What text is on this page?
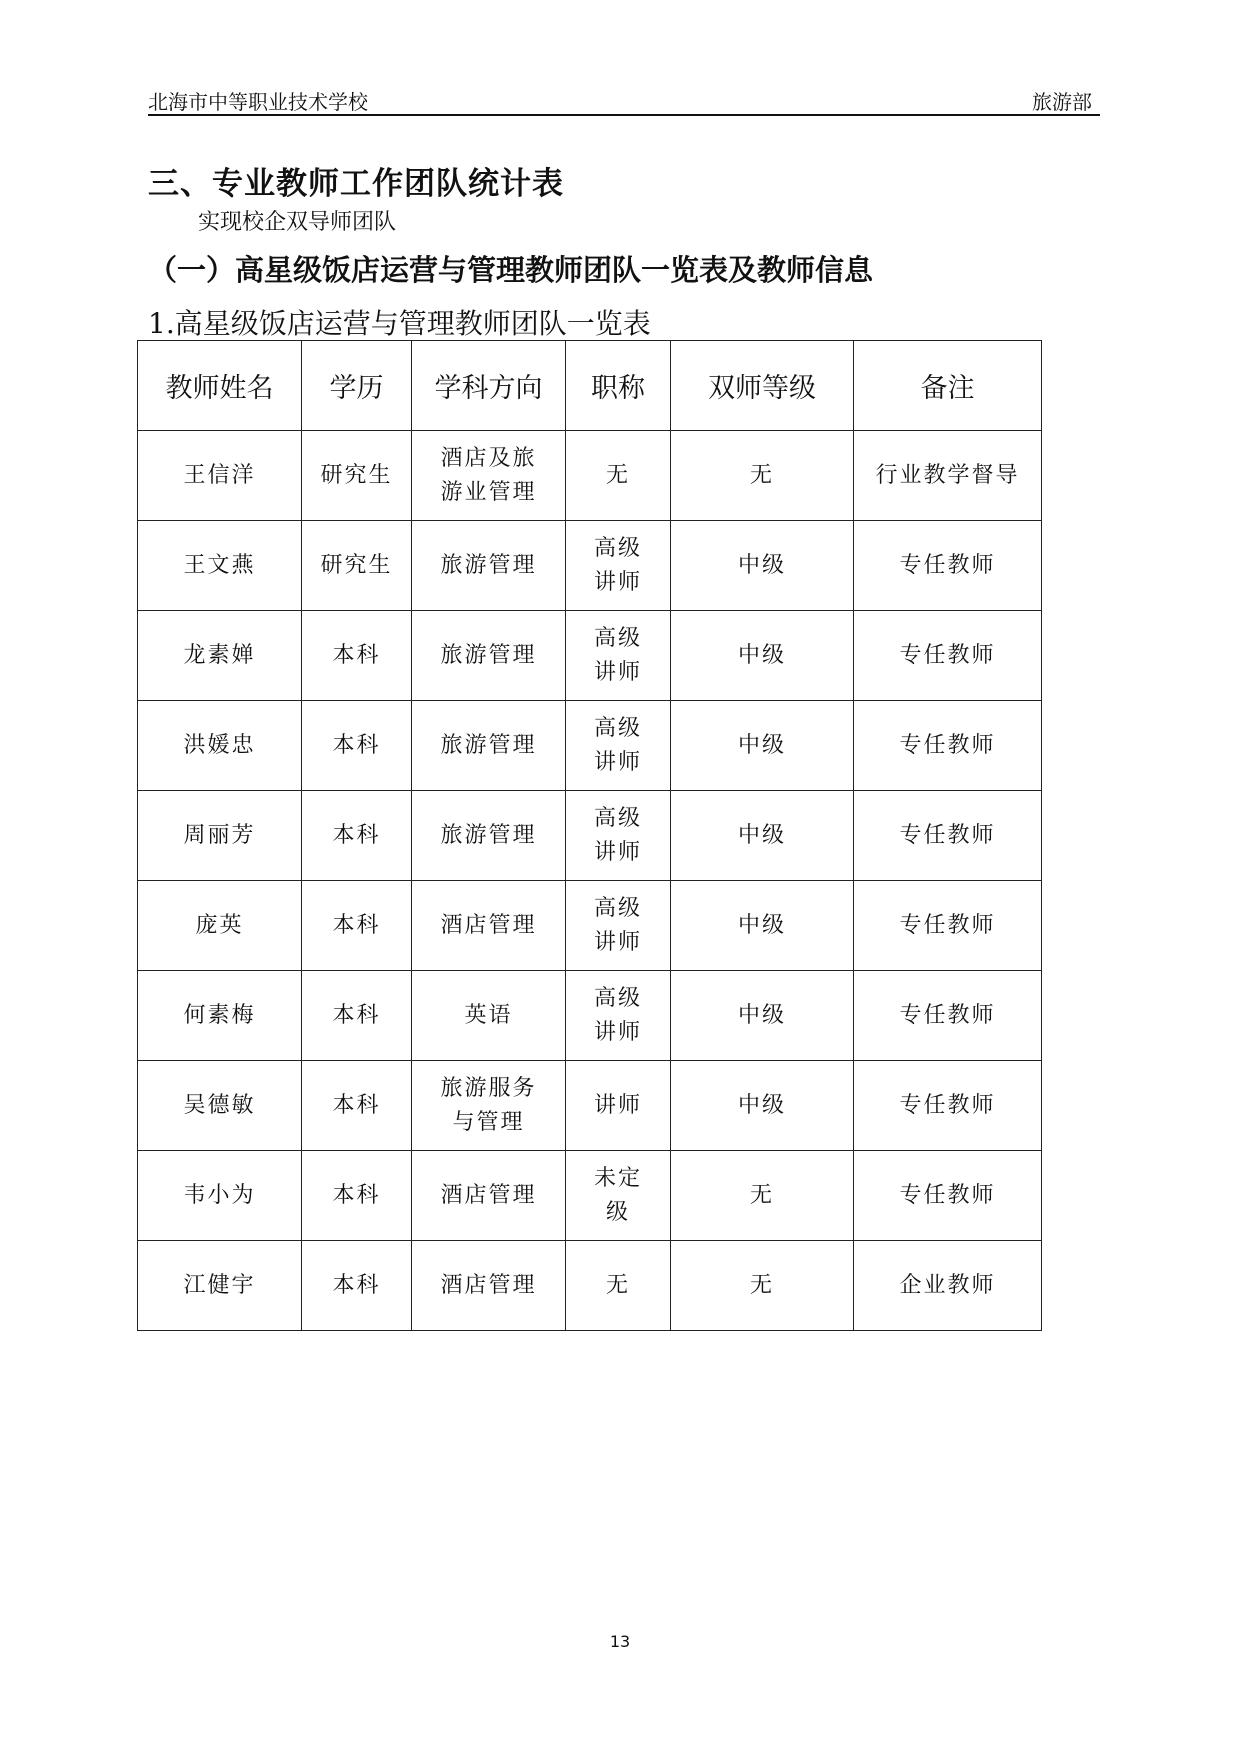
北海市中等职业技术学校	旅游部
三、专业教师工作团队统计表
实现校企双导师团队
（一）高星级饭店运营与管理教师团队一览表及教师信息
1.高星级饭店运营与管理教师团队一览表
教师姓名	学历	学科方向	职称	双师等级	备注
王信洋	研究生	酒店及旅游业管理	无	无	行业教学督导
王文燕	研究生	旅游管理	高级讲师	中级	专任教师
龙素婵	本科	旅游管理	高级讲师	中级	专任教师
洪媛忠	本科	旅游管理	高级讲师	中级	专任教师
周丽芳	本科	旅游管理	高级讲师	中级	专任教师
庞英	本科	酒店管理	高级讲师	中级	专任教师
何素梅	本科	英语	高级讲师	中级	专任教师
吴德敏	本科	旅游服务与管理	讲师	中级	专任教师
韦小为	本科	酒店管理	未定级	无	专任教师
江健宇	本科	酒店管理	无	无	企业教师
13
